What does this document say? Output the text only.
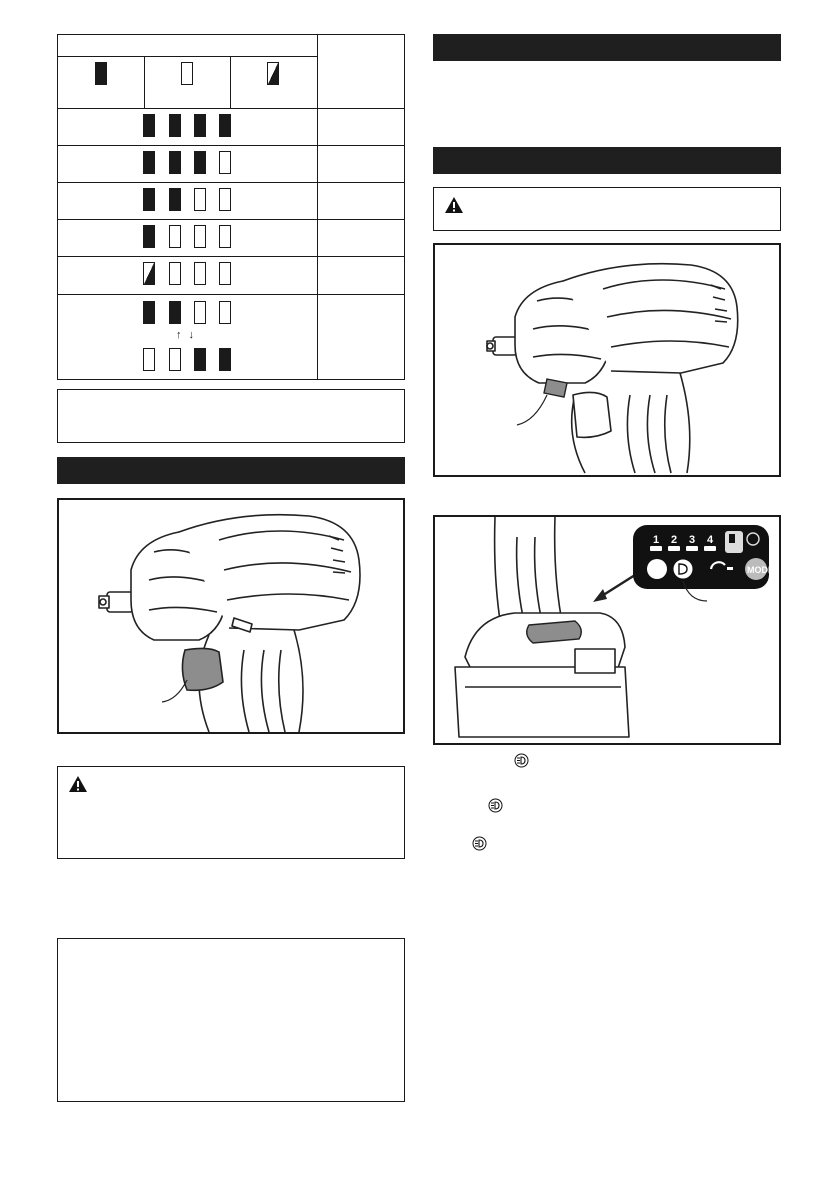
↑ ↓
1 2 3 4
MODE
